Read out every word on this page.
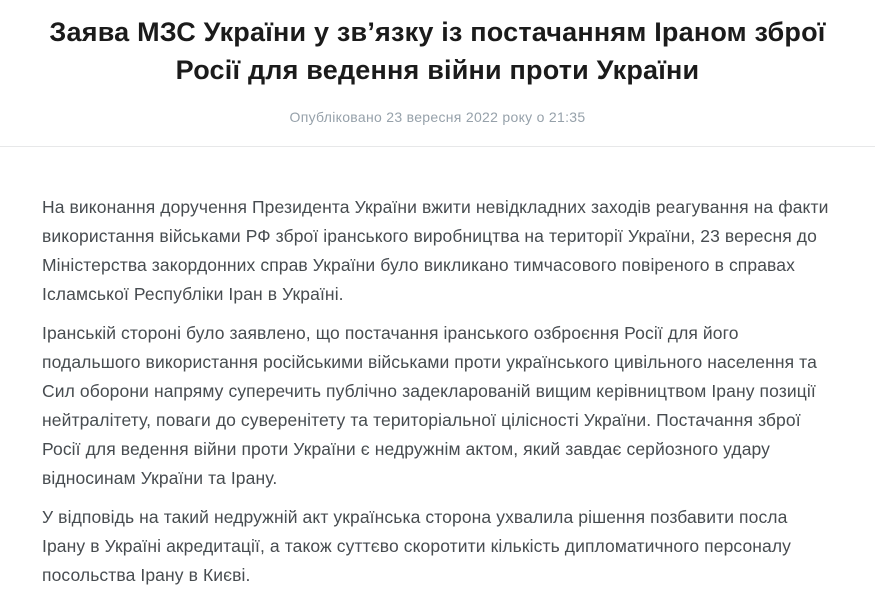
Заява МЗС України у зв’язку із постачанням Іраном зброї Росії для ведення війни проти України
Опубліковано 23 вересня 2022 року о 21:35

На виконання доручення Президента України вжити невідкладних заходів реагування на факти використання військами РФ зброї іранського виробництва на території України, 23 вересня до Міністерства закордонних справ України було викликано тимчасового повіреного в справах Ісламської Республіки Іран в Україні.

Іранській стороні було заявлено, що постачання іранського озброєння Росії для його подальшого використання російськими військами проти українського цивільного населення та Сил оборони напряму суперечить публічно задекларованій вищим керівництвом Ірану позиції нейтралітету, поваги до суверенітету та територіальної цілісності України. Постачання зброї Росії для ведення війни проти України є недружнім актом, який завдає серйозного удару відносинам України та Ірану.

У відповідь на такий недружній акт українська сторона ухвалила рішення позбавити посла Ірану в Україні акредитації, а також суттєво скоротити кількість дипломатичного персоналу посольства Ірану в Києві.
